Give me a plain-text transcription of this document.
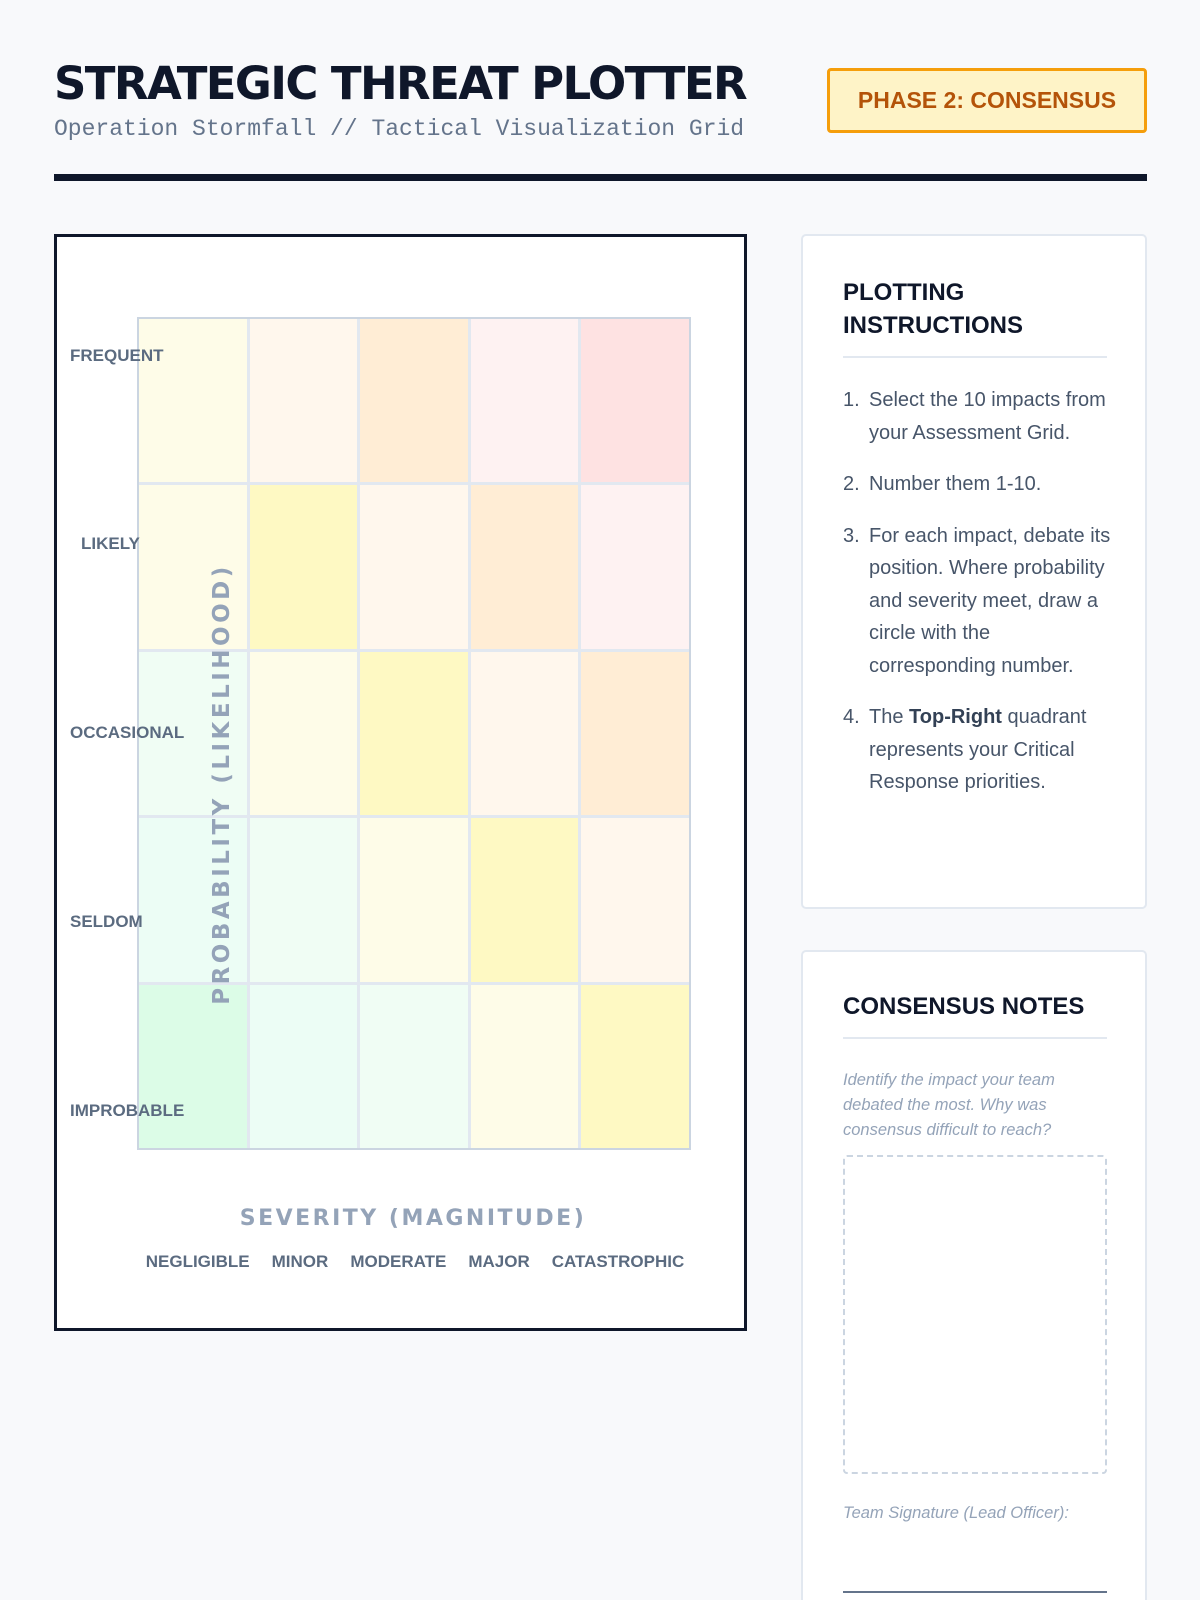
STRATEGIC THREAT PLOTTER
Operation Stormfall // Tactical Visualization Grid
PHASE 2: CONSENSUS
FREQUENT
LIKELY
OCCASIONAL
SELDOM
IMPROBABLE
PROBABILITY (LIKELIHOOD)
SEVERITY (MAGNITUDE)
NEGLIGIBLE MINOR MODERATE MAJOR CATASTROPHIC
PLOTTING INSTRUCTIONS
1. Select the 10 impacts from your Assessment Grid.
2. Number them 1-10.
3. For each impact, debate its position. Where probability and severity meet, draw a circle with the corresponding number.
4. The Top-Right quadrant represents your Critical Response priorities.
CONSENSUS NOTES
Identify the impact your team debated the most. Why was consensus difficult to reach?
Team Signature (Lead Officer):
